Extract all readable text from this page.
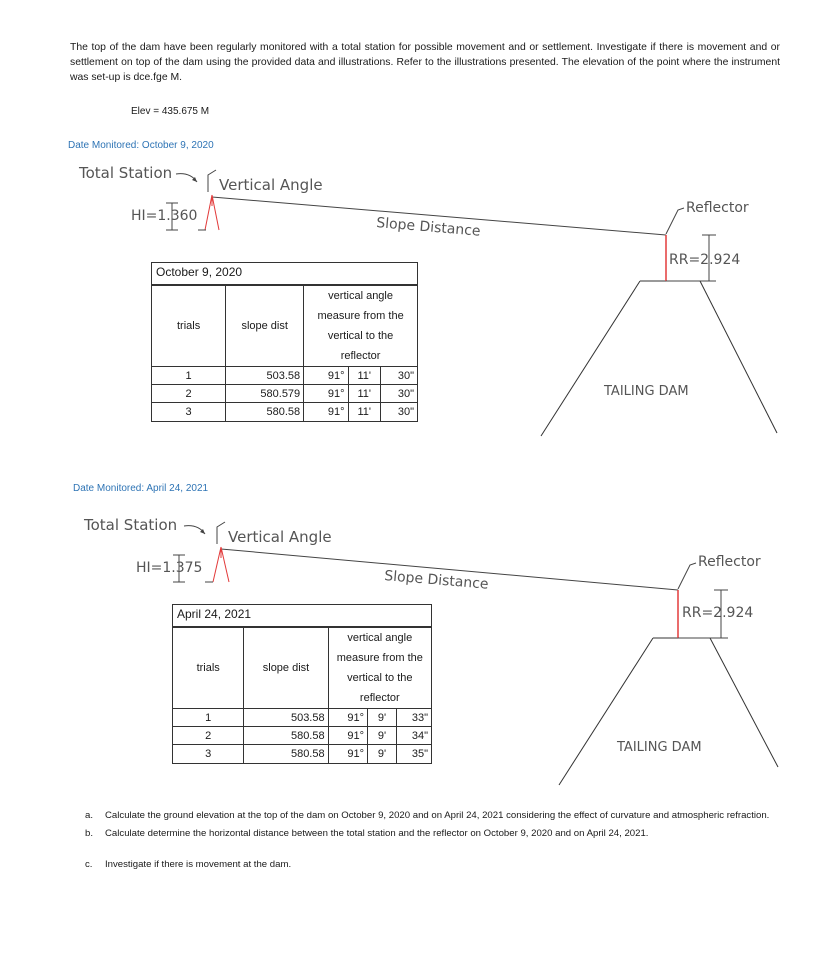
The top of the dam have been regularly monitored with a total station for possible movement and or settlement. Investigate if there is movement and or settlement on top of the dam using the provided data and illustrations. Refer to the illustrations presented. The elevation of the point where the instrument was set-up is dce.fge M.
Elev = 435.675 M
Date Monitored: October 9, 2020
HI=1.360
RR=2.924
Total Station
Vertical Angle
Slope Distance
Reflector
TAILING DAM
October 9, 2020
trials	slope dist	vertical angle measure from the vertical to the reflector		
1	503.58	91°	11'	30"
2	580.579	91°	11'	30"
3	580.58	91°	11'	30"
Date Monitored: April 24, 2021
HI=1.375
RR=2.924
Total Station
Vertical Angle
Slope Distance
Reflector
TAILING DAM
April 24, 2021
trials	slope dist	vertical angle measure from the vertical to the reflector		
1	503.58	91°	9'	33"
2	580.58	91°	9'	34"
3	580.58	91°	9'	35"
a. Calculate the ground elevation at the top of the dam on October 9, 2020 and on April 24, 2021 considering the effect of curvature and atmospheric refraction.
b. Calculate determine the horizontal distance between the total station and the reflector on October 9, 2020 and on April 24, 2021.
c. Investigate if there is movement at the dam.
